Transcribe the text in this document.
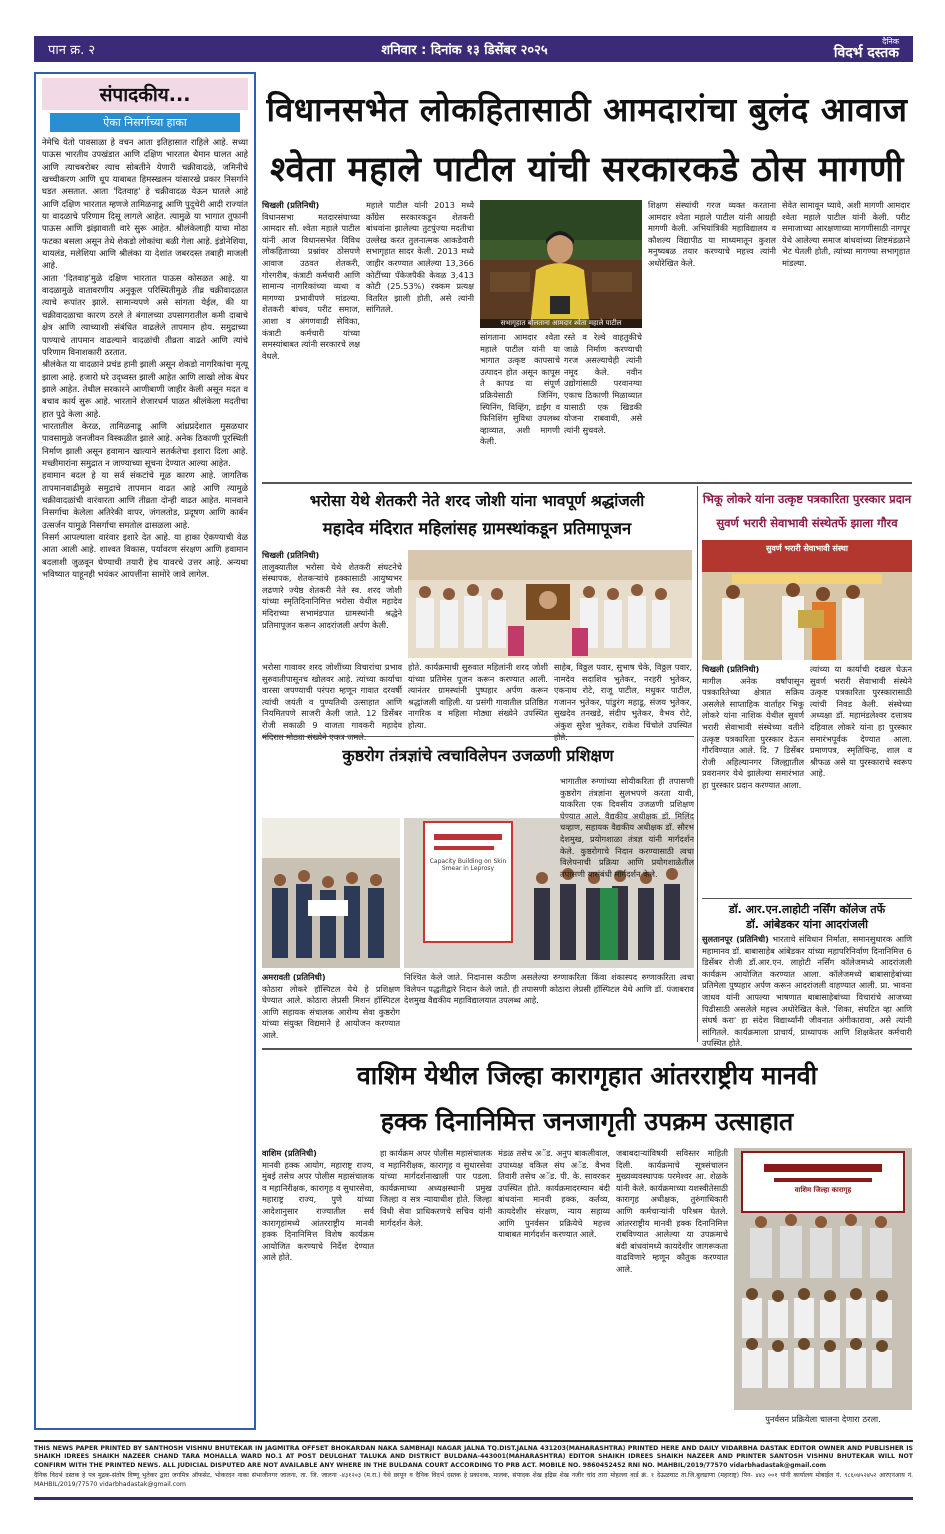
पान क्र. २	शनिवार : दिनांक १३ डिसेंबर २०२५
दैनिक
विदर्भ दस्तक
संपादकीय...
ऐका निसर्गाच्या हाका

नेमेचि येतो पावसाळा हे वचन आता इतिहासात राहिले आहे. सध्या पाऊस भारतीय उपखंडात आणि दक्षिण भारतात थैमान घालत आहे आणि त्याचबरोबर त्याच सोबतीने येणारी चक्रीवादळे, जमिनीचे खच्चीकरण आणि धूप याबाबत हिमस्खलन यांसारखे प्रकार निसर्गाने घडत असतात. आता 'दितवाह' हे चक्रीवादळ येऊन घातले आहे आणि दक्षिण भारतात म्हणजे तामिळनाडू आणि पुदुचेरी आदी राज्यांत या वादळाचे परिणाम दिसू लागले आहेत. त्यामुळे या भागात तुफानी पाऊस आणि झंझावाती वारे सुरू आहेत. श्रीलंकेलाही याचा मोठा फटका बसला असून तेथे शेकडो लोकांचा बळी गेला आहे. इंडोनेशिया, थायलंड, मलेशिया आणि श्रीलंका या देशांत जबरदस्त तबाही माजली आहे.

आता 'दितवाह'मुळे दक्षिण भारतात पाऊस कोसळत आहे. या वादळामुळे वातावरणीय अनुकूल परिस्थितीमुळे तीव्र चक्रीवादळात त्याचे रूपांतर झाले. सामान्यपणे असे सांगता येईल, की या चक्रीवादळाचा कारण ठरले ते बंगालच्या उपसागरातील कमी दाबाचे क्षेत्र आणि त्याच्याशी संबंधित वाढलेले तापमान होय. समुद्राच्या पाण्याचे तापमान वाढल्याने वादळांची तीव्रता वाढते आणि त्यांचे परिणाम विनाशकारी ठरतात.

श्रीलंकेत या वादळाने प्रचंड हानी झाली असून शेकडो नागरिकांचा मृत्यू झाला आहे. हजारो घरे उद्ध्वस्त झाली आहेत आणि लाखो लोक बेघर झाले आहेत. तेथील सरकारने आणीबाणी जाहीर केली असून मदत व बचाव कार्य सुरू आहे. भारताने शेजारधर्म पाळत श्रीलंकेला मदतीचा हात पुढे केला आहे.

भारतातील केरळ, तामिळनाडू आणि आंध्रप्रदेशात मुसळधार पावसामुळे जनजीवन विस्कळीत झाले आहे. अनेक ठिकाणी पूरस्थिती निर्माण झाली असून हवामान खात्याने सतर्कतेचा इशारा दिला आहे. मच्छीमारांना समुद्रात न जाण्याच्या सूचना देण्यात आल्या आहेत.

हवामान बदल हे या सर्व संकटांचे मूळ कारण आहे. जागतिक तापमानवाढीमुळे समुद्राचे तापमान वाढत आहे आणि त्यामुळे चक्रीवादळांची वारंवारता आणि तीव्रता दोन्ही वाढत आहेत. मानवाने निसर्गाचा केलेला अतिरेकी वापर, जंगलतोड, प्रदूषण आणि कार्बन उत्सर्जन यामुळे निसर्गाचा समतोल ढासळला आहे.

निसर्ग आपल्याला वारंवार इशारे देत आहे. या हाका ऐकण्याची वेळ आता आली आहे. शाश्वत विकास, पर्यावरण संरक्षण आणि हवामान बदलाशी जुळवून घेण्याची तयारी हेच यावरचे उत्तर आहे. अन्यथा भविष्यात याहूनही भयंकर आपत्तींना सामोरे जावे लागेल.

विधानसभेत लोकहितासाठी आमदारांचा बुलंद आवाज
श्वेता महाले पाटील यांची सरकारकडे ठोस मागणी
चिखली (प्रतिनिधी)
विधानसभा मतदारसंघाच्या आमदार सौ. श्वेता महाले पाटील यांनी आज विधानसभेत विविध लोकहिताच्या प्रश्नांवर ठोसपणे आवाज उठवत शेतकरी, गोरगरीब, कंत्राटी कर्मचारी आणि सामान्य नागरिकांच्या व्यथा व मागण्या प्रभावीपणे मांडल्या. शेतकरी बांधव, परीट समाज, आशा व अंगणवाडी सेविका, कंत्राटी कर्मचारी यांच्या समस्यांबाबत त्यांनी सरकारचे लक्ष वेधले.
महाले पाटील यांनी 2013 मध्ये कॉंग्रेस सरकारकडून शेतकरी बांधवांना झालेल्या तुटपुंज्या मदतीचा उल्लेख करत तुलनात्मक आकडेवारी सभागृहात सादर केली. 2013 मध्ये जाहीर करण्यात आलेल्या 13,366 कोटींच्या पॅकेजपैकी केवळ 3,413 कोटी (25.53%) रक्कम प्रत्यक्ष वितरित झाली होती, असे त्यांनी सांगितले.
सभागृहात बोलताना आमदार श्वेता महाले पाटील
सांगताना आमदार श्वेता महाले पाटील यांनी या भागात उत्कृष्ट कापसाचे उत्पादन होत असून कापूस ते कापड या संपूर्ण प्रक्रियेसाठी जिनिंग, स्पिनिंग, विव्हिंग, डाईंग व फिनिशिंग सुविधा उपलब्ध व्हाव्यात, अशी मागणी केली.
रस्ते व रेल्वे वाहतुकीचे जाळे निर्माण करण्याची गरज असल्याचेही त्यांनी नमूद केले. नवीन उद्योगांसाठी परवानग्या एकाच ठिकाणी मिळाव्यात यासाठी एक खिडकी योजना राबवावी, असे त्यांनी सुचवले.
शिक्षण संस्थांची गरज व्यक्त करताना आमदार श्वेता महाले पाटील यांनी आग्रही मागणी केली. अभियांत्रिकी महाविद्यालय व कौशल्य विद्यापीठ या माध्यमातून कुशल मनुष्यबळ तयार करण्याचे महत्त्व त्यांनी अधोरेखित केले.
सेवेत सामावून घ्यावे, अशी मागणी आमदार श्वेता महाले पाटील यांनी केली. परीट समाजाच्या आरक्षणाच्या मागणीसाठी नागपूर येथे आलेल्या समाज बांधवांच्या शिष्टमंडळाने भेट घेतली होती, त्यांच्या मागण्या सभागृहात मांडल्या.
भरोसा येथे शेतकरी नेते शरद जोशी यांना भावपूर्ण श्रद्धांजली
महादेव मंदिरात महिलांसह ग्रामस्थांकडून प्रतिमापूजन
चिखली (प्रतिनिधी)
तालुक्यातील भरोसा येथे शेतकरी संघटनेचे संस्थापक, शेतकऱ्यांचे हक्कासाठी आयुष्यभर लढणारे ज्येष्ठ शेतकरी नेते स्व. शरद जोशी यांच्या स्मृतिदिनानिमित्त भरोसा येथील महादेव मंदिराच्या सभामंडपात ग्रामस्थांनी श्रद्धेने प्रतिमापूजन करून आदरांजली अर्पण केली.
भरोसा गावावर शरद जोशींच्या विचारांचा प्रभाव सुरुवातीपासूनच खोलवर आहे. त्यांच्या कार्याचा वारसा जपण्याची परंपरा म्हणून गावात दरवर्षी त्यांची जयंती व पुण्यतिथी उत्साहात आणि नियमितपणे साजरी केली जाते. 12 डिसेंबर रोजी सकाळी 9 वाजता गावकरी महादेव
होते. कार्यक्रमाची सुरुवात महिलांनी शरद जोशी यांच्या प्रतिमेस पूजन करून करण्यात आली. त्यानंतर ग्रामस्थांनी पुष्पहार अर्पण करून श्रद्धांजली वाहिली. या प्रसंगी गावातील प्रतिष्ठित नागरिक व महिला मोठ्या संख्येने उपस्थित होत्या.
साहेब, विठ्ठल पवार, सुभाष चेके, विठ्ठल पवार, नामदेव सदाशिव भुतेकर, नरहरी भुतेकर, एकनाथ रोटे, राजू पाटील, मधुकर पाटील, गजानन भुतेकर, पांडुरंग महाडू, संजय भुतेकर, सुखदेव तनखडे, संदीप भुतेकर, वैभव रोटे, अंकुश सुरेश भुतेकर, राकेश चिंचोले उपस्थित
भिकू लोकरे यांना उत्कृष्ट पत्रकारिता पुरस्कार प्रदान
सुवर्ण भरारी सेवाभावी संस्थेतर्फे झाला गौरव
सुवर्ण भरारी सेवाभावी संस्था
चिखली (प्रतिनिधी)
मागील अनेक वर्षांपासून पत्रकारितेच्या क्षेत्रात सक्रिय असलेले साप्ताहिक वार्ताहर भिकू लोकरे यांना नाशिक येथील सुवर्ण भरारी सेवाभावी संस्थेच्या वतीने उत्कृष्ट पत्रकारिता पुरस्कार देऊन गौरविण्यात आले. दि. 7 डिसेंबर रोजी अहिल्यानगर जिल्ह्यातील प्रवरानगर येथे झालेल्या समारंभात हा पुरस्कार प्रदान करण्यात आला.
त्यांच्या या कार्याची दखल घेऊन सुवर्ण भरारी सेवाभावी संस्थेने उत्कृष्ट पत्रकारिता पुरस्कारासाठी त्यांची निवड केली. संस्थेच्या अध्यक्षा डॉ. महामंडलेश्वर दत्तात्रय दहिवाल लोकरे यांना हा पुरस्कार समारंभपूर्वक देण्यात आला. प्रमाणपत्र, स्मृतिचिन्ह, शाल व श्रीफळ असे या पुरस्काराचे स्वरूप आहे.
डॉ. आर.एन.लाहोटी नर्सिंग कॉलेज तर्फे
डॉ. आंबेडकर यांना आदरांजली
सुलतानपूर (प्रतिनिधी) भारताचे संविधान निर्माता, समानसुधारक आणि महामानव डॉ. बाबासाहेब आंबेडकर यांच्या महापरिनिर्वाण दिनानिमित्त 6 डिसेंबर रोजी डॉ.आर.एन. लाहोटी नर्सिंग कॉलेजमध्ये आदरांजली कार्यक्रम आयोजित करण्यात आला. कॉलेजमध्ये बाबासाहेबांच्या प्रतिमेला पुष्पहार अर्पण करून आदरांजली वाहण्यात आली. प्रा. भावना जाधव यांनी आपल्या भाषणात बाबासाहेबांच्या विचारांचे आजच्या पिढीसाठी असलेले महत्त्व अधोरेखित केले. 'शिका, संघटित व्हा आणि संघर्ष करा' हा संदेश विद्यार्थ्यांनी जीवनात अंगीकारावा, असे त्यांनी सांगितले. कार्यक्रमाला प्राचार्य, प्राध्यापक आणि शिक्षकेतर कर्मचारी उपस्थित होते.
कुष्ठरोग तंत्रज्ञांचे त्वचाविलेपन उजळणी प्रशिक्षण
Capacity Building on Skin Smear in Leprosy
भागातील रुग्णांच्या सोयीकरिता ही तपासणी कुष्ठरोग तंत्रज्ञांना सुलभपणे करता यावी, याकरिता एक दिवसीय उजळणी प्रशिक्षण घेण्यात आले. वैद्यकीय अधीक्षक डॉ. मिलिंद चव्हाण, सहायक वैद्यकीय अधीक्षक डॉ. सौरभ देशमुख, प्रयोगशाळा तंत्रज्ञ यांनी मार्गदर्शन केले. कुष्ठरोगाचे निदान करण्यासाठी त्वचा विलेपनाची प्रक्रिया आणि प्रयोगशाळेतील तपासणी यासंबंधी मार्गदर्शन केले.
अमरावती (प्रतिनिधी)
कोठारा लोकरे हॉस्पिटल येथे हे प्रशिक्षण घेण्यात आले. कोठारा लेप्रसी मिशन हॉस्पिटल आणि सहायक संचालक आरोग्य सेवा कुष्ठरोग यांच्या संयुक्त विद्यमाने हे आयोजन करण्यात आले.
निश्चित केले जाते. निदानास कठीण असलेल्या रुग्णाकरिता किंवा शंकास्पद रुग्णाकरिता त्वचा विलेपन पद्धतीद्वारे निदान केले जाते. ही तपासणी कोठारा लेप्रसी हॉस्पिटल येथे आणि डॉ. पंजाबराव देशमुख वैद्यकीय महाविद्यालयात उपलब्ध आहे.
वाशिम येथील जिल्हा कारागृहात आंतरराष्ट्रीय मानवी
हक्क दिनानिमित्त जनजागृती उपक्रम उत्साहात
वाशिम (प्रतिनिधी)
मानवी हक्क आयोग, महाराष्ट्र राज्य, मुंबई तसेच अपर पोलीस महासंचालक व महानिरीक्षक, कारागृह व सुधारसेवा, महाराष्ट्र राज्य, पुणे यांच्या आदेशानुसार राज्यातील सर्व कारागृहांमध्ये आंतरराष्ट्रीय मानवी हक्क दिनानिमित्त विशेष कार्यक्रम आयोजित करण्याचे निर्देश देण्यात आले होते.
हा कार्यक्रम अपर पोलीस महासंचालक व महानिरीक्षक, कारागृह व सुधारसेवा यांच्या मार्गदर्शनाखाली पार पडला. कार्यक्रमाच्या अध्यक्षस्थानी प्रमुख जिल्हा व सत्र न्यायाधीश होते. जिल्हा विधी सेवा प्राधिकरणचे सचिव यांनी मार्गदर्शन केले.
मंडळ तसेच अॅड. अनुप बाकलीवाल, उपाध्यक्ष वकिल संघ अॅड. वैभव तिवारी तसेच अॅड. पी. के. सावरकर उपस्थित होते. कार्यक्रमादरम्यान बंदी बांधवांना मानवी हक्क, कर्तव्य, कायदेशीर संरक्षण, न्याय सहाय्य आणि पुनर्वसन प्रक्रियेचे महत्त्व याबाबत मार्गदर्शन करण्यात आले.
जबाबदाऱ्यांविषयी सविस्तर माहिती दिली. कार्यक्रमाचे सूत्रसंचालन मुख्यव्यवस्थापक परमेश्वर आ. शेळके यांनी केले. कार्यक्रमाच्या यशस्वीतेसाठी कारागृह अधीक्षक, तुरुंगाधिकारी आणि कर्मचाऱ्यांनी परिश्रम घेतले. आंतरराष्ट्रीय मानवी हक्क दिनानिमित्त राबविण्यात आलेल्या या उपक्रमाचे बंदी बांधवांमध्ये कायदेशीर जागरूकता वाढविणारे म्हणून कौतुक करण्यात आले.
वाशिम जिल्हा कारागृह
पुनर्वसन प्रक्रियेला चालना देणारा ठरला.
THIS NEWS PAPER PRINTED BY SANTHOSH VISHNU BHUTEKAR IN JAGMITRA OFFSET BHOKARDAN NAKA SAMBHAJI NAGAR JALNA TQ.DIST.JALNA 431203(MAHARASHTRA) PRINTED HERE AND DAILY VIDARBHA DASTAK EDITOR OWNER AND PUBLISHER IS SHAIKH IDREES SHAIKH NAZEER CHAND TARA MOHALLA WARD NO.1 AT POST DEULGHAT TALUKA AND DISTRICT BULDANA-443001(MAHARASHTRA) EDITOR SHAIKH IDREES SHAIKH NAZEER AND PRINTER SANTOSH VISHNU BHUTEKAR WILL NOT CONFIRM WITH THE PRINTED NEWS. ALL JUDICIAL DISPUTED ARE NOT AVAILABLE ANY WHERE IN THE BULDANA COURT ACCORDING TO PRB ACT. MOBILE NO. 9860452452 RNI NO. MAHBIL/2019/77570 vidarbhadastak@gmail.com
दैनिक विदर्भ दस्तक हे पत्र मुद्रक-संतोष विष्णू भुतेकर द्वारा जगमित्र ऑफसेट, भोकरदन नाका संभाजीनगर जालना, ता. जि. जालना -४३१२०३ (म.रा.) येथे छापून व दैनिक विदर्भ दस्तक हे प्रकाशक, मालक, संपादक शेख इद्रिस शेख नजीर चांद तारा मोहल्ला वार्ड क्रं. १ देऊळघाट ता.जि.बुलढाणा (महाराष्ट्र) पिन- ४४३ ००१ यांनी कार्यालय मोबाईल नं. ९८६०४५२४५२ आरएनआय नं. MAHBIL/2019/77570 vidarbhadastak@gmail.com
